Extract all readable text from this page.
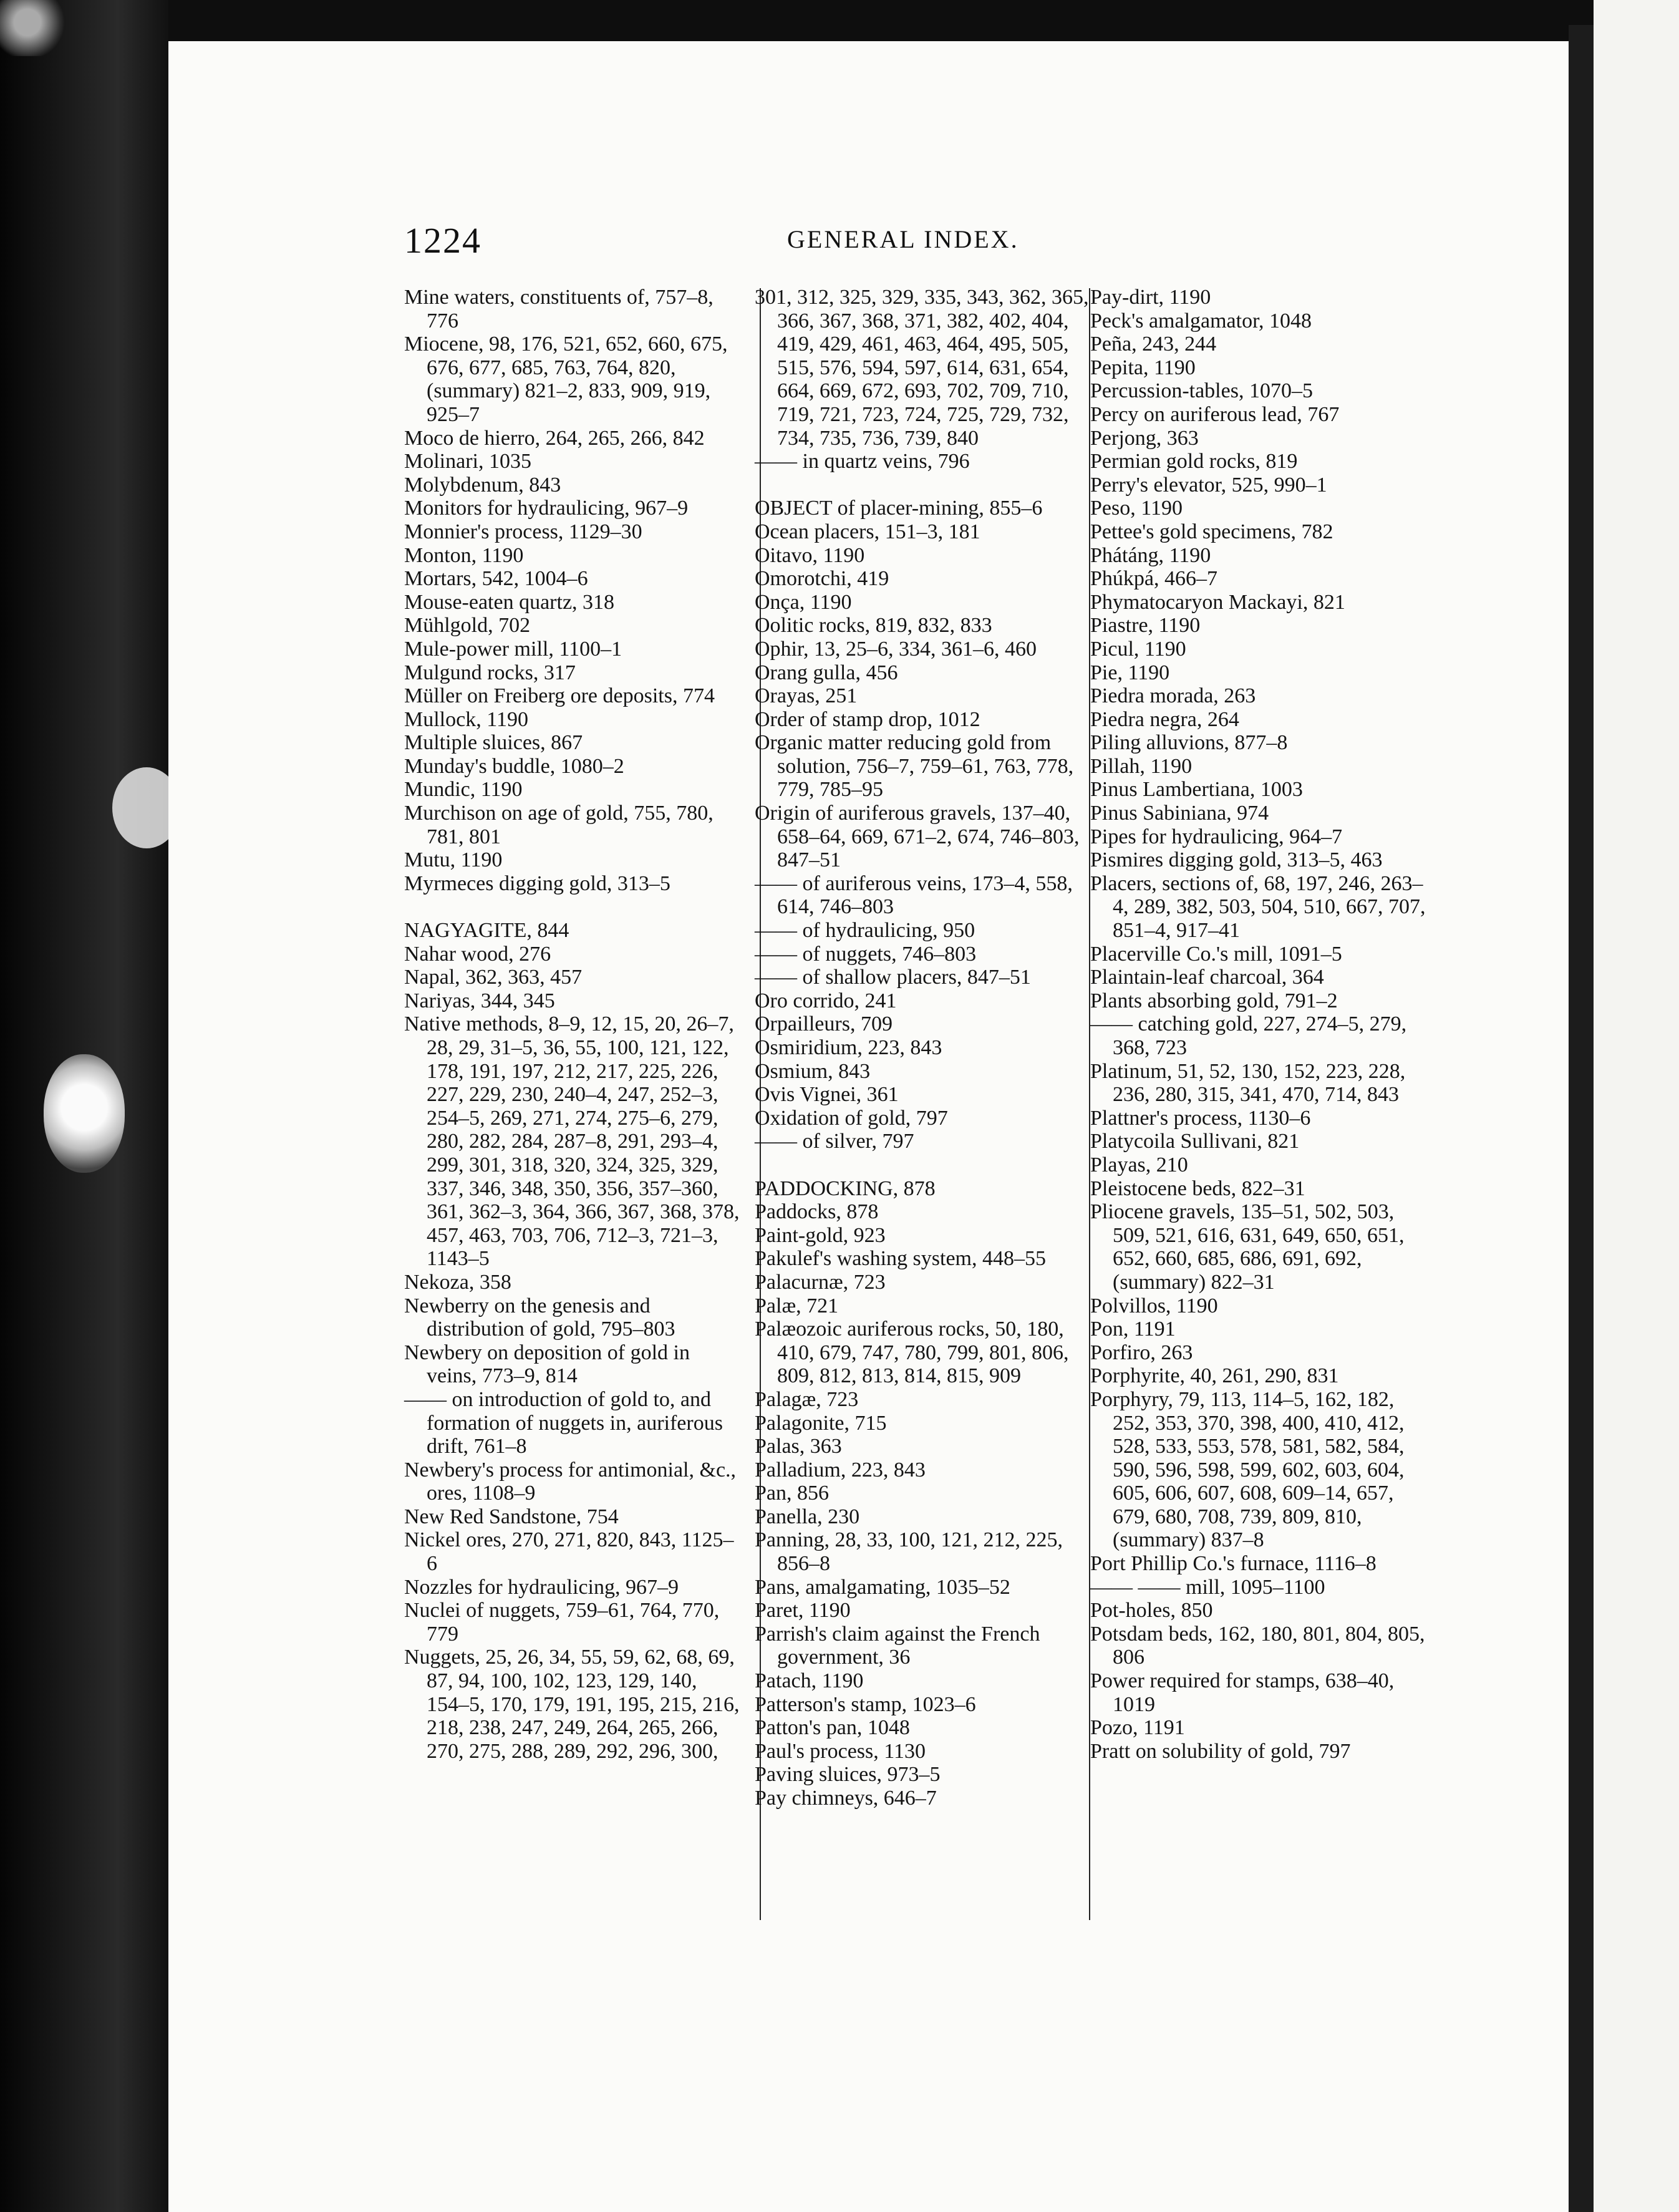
1224	GENERAL INDEX.
Mine waters, constituents of, 757–8, 776
Miocene, 98, 176, 521, 652, 660, 675, 676, 677, 685, 763, 764, 820, (summary) 821–2, 833, 909, 919, 925–7
Moco de hierro, 264, 265, 266, 842
Molinari, 1035
Molybdenum, 843
Monitors for hydraulicing, 967–9
Monnier's process, 1129–30
Monton, 1190
Mortars, 542, 1004–6
Mouse-eaten quartz, 318
Mühlgold, 702
Mule-power mill, 1100–1
Mulgund rocks, 317
Müller on Freiberg ore deposits, 774
Mullock, 1190
Multiple sluices, 867
Munday's buddle, 1080–2
Mundic, 1190
Murchison on age of gold, 755, 780, 781, 801
Mutu, 1190
Myrmeces digging gold, 313–5
NAGYAGITE, 844
Nahar wood, 276
Napal, 362, 363, 457
Nariyas, 344, 345
Native methods, 8–9, 12, 15, 20, 26–7, 28, 29, 31–5, 36, 55, 100, 121, 122, 178, 191, 197, 212, 217, 225, 226, 227, 229, 230, 240–4, 247, 252–3, 254–5, 269, 271, 274, 275–6, 279, 280, 282, 284, 287–8, 291, 293–4, 299, 301, 318, 320, 324, 325, 329, 337, 346, 348, 350, 356, 357–360, 361, 362–3, 364, 366, 367, 368, 378, 457, 463, 703, 706, 712–3, 721–3, 1143–5
Nekoza, 358
Newberry on the genesis and distribution of gold, 795–803
Newbery on deposition of gold in veins, 773–9, 814
—— on introduction of gold to, and formation of nuggets in, auriferous drift, 761–8
Newbery's process for antimonial, &c., ores, 1108–9
New Red Sandstone, 754
Nickel ores, 270, 271, 820, 843, 1125–6
Nozzles for hydraulicing, 967–9
Nuclei of nuggets, 759–61, 764, 770, 779
Nuggets, 25, 26, 34, 55, 59, 62, 68, 69, 87, 94, 100, 102, 123, 129, 140, 154–5, 170, 179, 191, 195, 215, 216, 218, 238, 247, 249, 264, 265, 266, 270, 275, 288, 289, 292, 296, 300,
301, 312, 325, 329, 335, 343, 362, 365, 366, 367, 368, 371, 382, 402, 404, 419, 429, 461, 463, 464, 495, 505, 515, 576, 594, 597, 614, 631, 654, 664, 669, 672, 693, 702, 709, 710, 719, 721, 723, 724, 725, 729, 732, 734, 735, 736, 739, 840
—— in quartz veins, 796
OBJECT of placer-mining, 855–6
Ocean placers, 151–3, 181
Oitavo, 1190
Omorotchi, 419
Onça, 1190
Oolitic rocks, 819, 832, 833
Ophir, 13, 25–6, 334, 361–6, 460
Orang gulla, 456
Orayas, 251
Order of stamp drop, 1012
Organic matter reducing gold from solution, 756–7, 759–61, 763, 778, 779, 785–95
Origin of auriferous gravels, 137–40, 658–64, 669, 671–2, 674, 746–803, 847–51
—— of auriferous veins, 173–4, 558, 614, 746–803
—— of hydraulicing, 950
—— of nuggets, 746–803
—— of shallow placers, 847–51
Oro corrido, 241
Orpailleurs, 709
Osmiridium, 223, 843
Osmium, 843
Ovis Vignei, 361
Oxidation of gold, 797
—— of silver, 797
PADDOCKING, 878
Paddocks, 878
Paint-gold, 923
Pakulef's washing system, 448–55
Palacurnæ, 723
Palæ, 721
Palæozoic auriferous rocks, 50, 180, 410, 679, 747, 780, 799, 801, 806, 809, 812, 813, 814, 815, 909
Palagæ, 723
Palagonite, 715
Palas, 363
Palladium, 223, 843
Pan, 856
Panella, 230
Panning, 28, 33, 100, 121, 212, 225, 856–8
Pans, amalgamating, 1035–52
Paret, 1190
Parrish's claim against the French government, 36
Patach, 1190
Patterson's stamp, 1023–6
Patton's pan, 1048
Paul's process, 1130
Paving sluices, 973–5
Pay chimneys, 646–7
Pay-dirt, 1190
Peck's amalgamator, 1048
Peña, 243, 244
Pepita, 1190
Percussion-tables, 1070–5
Percy on auriferous lead, 767
Perjong, 363
Permian gold rocks, 819
Perry's elevator, 525, 990–1
Peso, 1190
Pettee's gold specimens, 782
Phátáng, 1190
Phúkpá, 466–7
Phymatocaryon Mackayi, 821
Piastre, 1190
Picul, 1190
Pie, 1190
Piedra morada, 263
Piedra negra, 264
Piling alluvions, 877–8
Pillah, 1190
Pinus Lambertiana, 1003
Pinus Sabiniana, 974
Pipes for hydraulicing, 964–7
Pismires digging gold, 313–5, 463
Placers, sections of, 68, 197, 246, 263–4, 289, 382, 503, 504, 510, 667, 707, 851–4, 917–41
Placerville Co.'s mill, 1091–5
Plaintain-leaf charcoal, 364
Plants absorbing gold, 791–2
—— catching gold, 227, 274–5, 279, 368, 723
Platinum, 51, 52, 130, 152, 223, 228, 236, 280, 315, 341, 470, 714, 843
Plattner's process, 1130–6
Platycoila Sullivani, 821
Playas, 210
Pleistocene beds, 822–31
Pliocene gravels, 135–51, 502, 503, 509, 521, 616, 631, 649, 650, 651, 652, 660, 685, 686, 691, 692, (summary) 822–31
Polvillos, 1190
Pon, 1191
Porfiro, 263
Porphyrite, 40, 261, 290, 831
Porphyry, 79, 113, 114–5, 162, 182, 252, 353, 370, 398, 400, 410, 412, 528, 533, 553, 578, 581, 582, 584, 590, 596, 598, 599, 602, 603, 604, 605, 606, 607, 608, 609–14, 657, 679, 680, 708, 739, 809, 810, (summary) 837–8
Port Phillip Co.'s furnace, 1116–8
—— —— mill, 1095–1100
Pot-holes, 850
Potsdam beds, 162, 180, 801, 804, 805, 806
Power required for stamps, 638–40, 1019
Pozo, 1191
Pratt on solubility of gold, 797
